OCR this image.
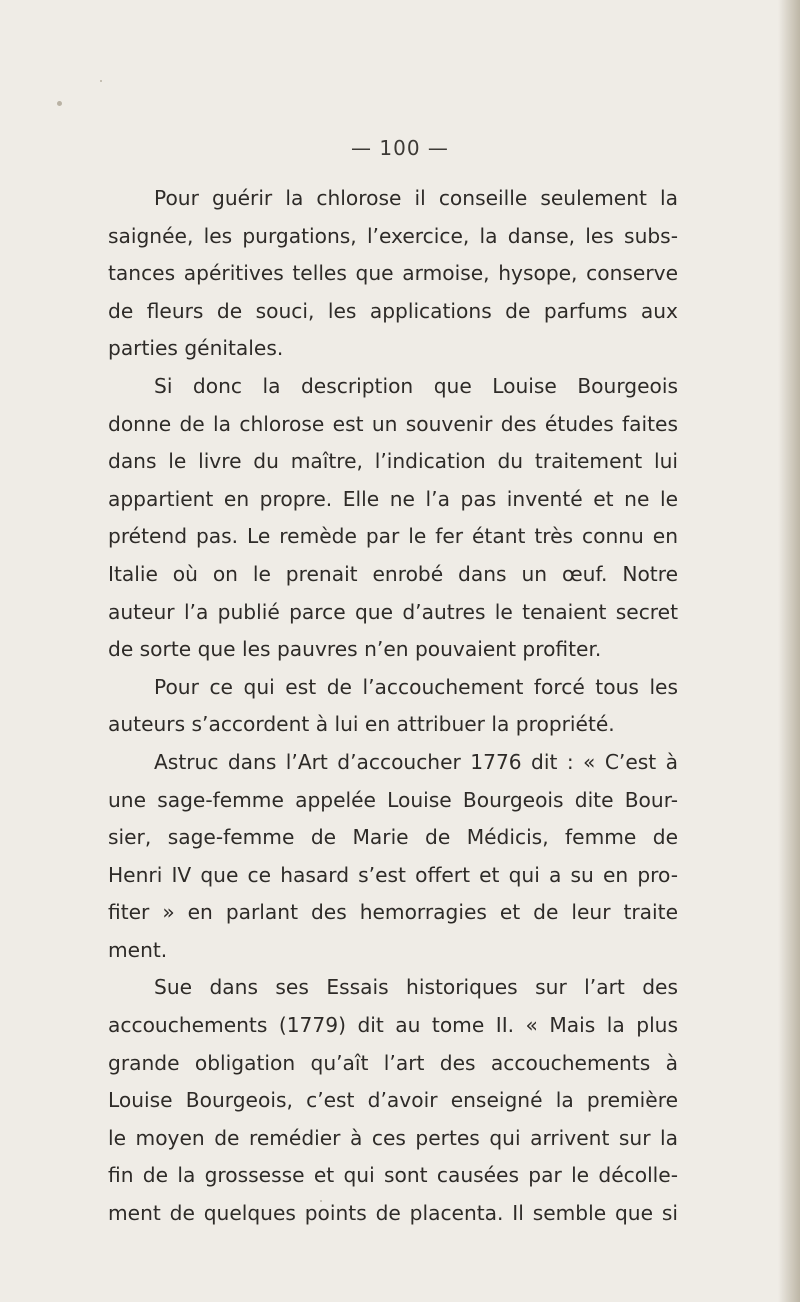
— 100 —
Pour guérir la chlorose il conseille seulement la
saignée, les purgations, l’exercice, la danse, les subs-
tances apéritives telles que armoise, hysope, conserve
de fleurs de souci, les applications de parfums aux
parties génitales.
Si donc la description que Louise Bourgeois
donne de la chlorose est un souvenir des études faites
dans le livre du maître, l’indication du traitement lui
appartient en propre. Elle ne l’a pas inventé et ne le
prétend pas. Le remède par le fer étant très connu en
Italie où on le prenait enrobé dans un œuf. Notre
auteur l’a publié parce que d’autres le tenaient secret
de sorte que les pauvres n’en pouvaient profiter.
Pour ce qui est de l’accouchement forcé tous les
auteurs s’accordent à lui en attribuer la propriété.
Astruc dans l’Art d’accoucher 1776 dit : « C’est à
une sage-femme appelée Louise Bourgeois dite Bour-
sier, sage-femme de Marie de Médicis, femme de
Henri IV que ce hasard s’est offert et qui a su en pro-
fiter » en parlant des hemorragies et de leur traite
ment.
Sue dans ses Essais historiques sur l’art des
accouchements (1779) dit au tome II. « Mais la plus
grande obligation qu’aît l’art des accouchements à
Louise Bourgeois, c’est d’avoir enseigné la première
le moyen de remédier à ces pertes qui arrivent sur la
fin de la grossesse et qui sont causées par le décolle-
ment de quelques points de placenta. Il semble que si
